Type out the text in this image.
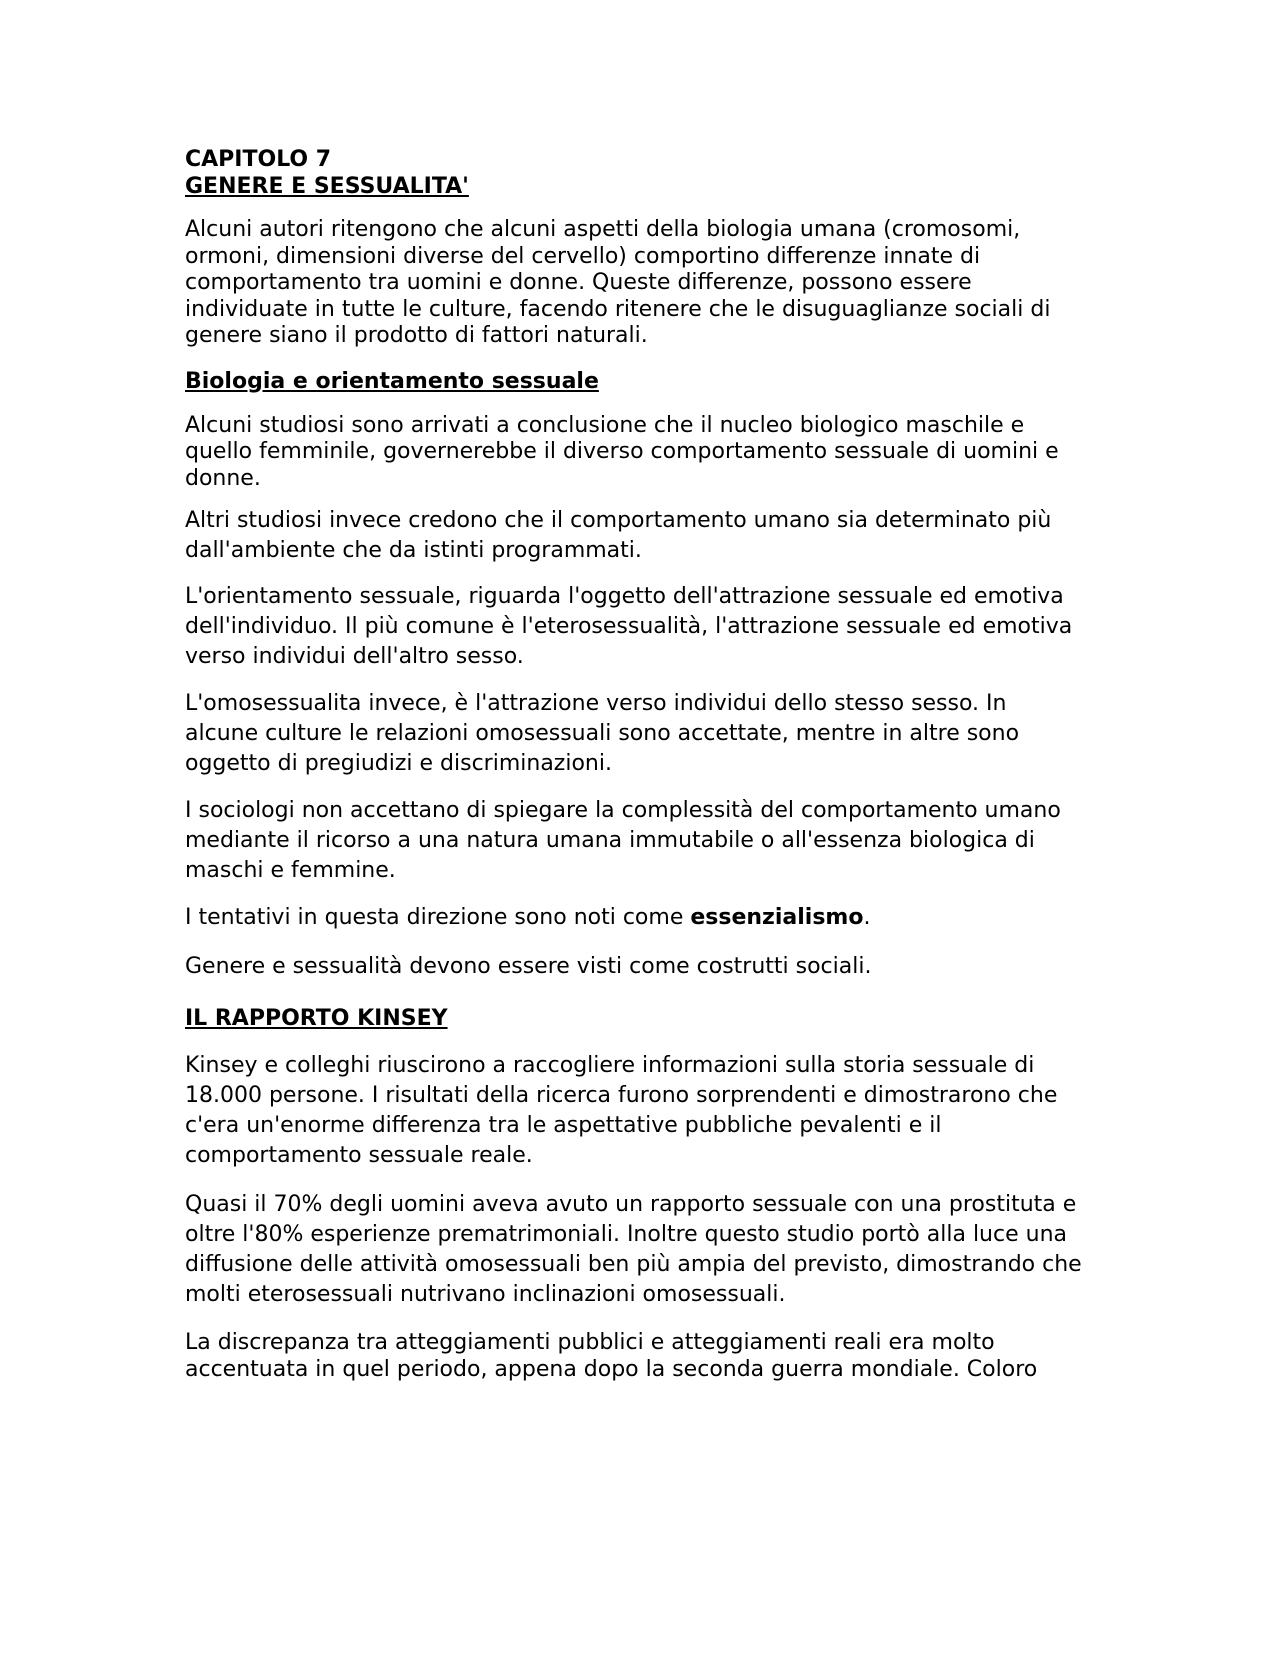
CAPITOLO 7
GENERE E SESSUALITA'

Alcuni autori ritengono che alcuni aspetti della biologia umana (cromosomi, ormoni, dimensioni diverse del cervello) comportino differenze innate di comportamento tra uomini e donne. Queste differenze, possono essere individuate in tutte le culture, facendo ritenere che le disuguaglianze sociali di genere siano il prodotto di fattori naturali.

Biologia e orientamento sessuale

Alcuni studiosi sono arrivati a conclusione che il nucleo biologico maschile e quello femminile, governerebbe il diverso comportamento sessuale di uomini e donne.

Altri studiosi invece credono che il comportamento umano sia determinato più dall'ambiente che da istinti programmati.

L'orientamento sessuale, riguarda l'oggetto dell'attrazione sessuale ed emotiva dell'individuo. Il più comune è l'eterosessualità, l'attrazione sessuale ed emotiva verso individui dell'altro sesso.

L'omosessualita invece, è l'attrazione verso individui dello stesso sesso. In alcune culture le relazioni omosessuali sono accettate, mentre in altre sono oggetto di pregiudizi e discriminazioni.

I sociologi non accettano di spiegare la complessità del comportamento umano mediante il ricorso a una natura umana immutabile o all'essenza biologica di maschi e femmine.

I tentativi in questa direzione sono noti come essenzialismo.

Genere e sessualità devono essere visti come costrutti sociali.

IL RAPPORTO KINSEY

Kinsey e colleghi riuscirono a raccogliere informazioni sulla storia sessuale di 18.000 persone. I risultati della ricerca furono sorprendenti e dimostrarono che c'era un'enorme differenza tra le aspettative pubbliche pevalenti e il comportamento sessuale reale.

Quasi il 70% degli uomini aveva avuto un rapporto sessuale con una prostituta e oltre l'80% esperienze prematrimoniali. Inoltre questo studio portò alla luce una diffusione delle attività omosessuali ben più ampia del previsto, dimostrando che molti eterosessuali nutrivano inclinazioni omosessuali.

La discrepanza tra atteggiamenti pubblici e atteggiamenti reali era molto accentuata in quel periodo, appena dopo la seconda guerra mondiale. Coloro
